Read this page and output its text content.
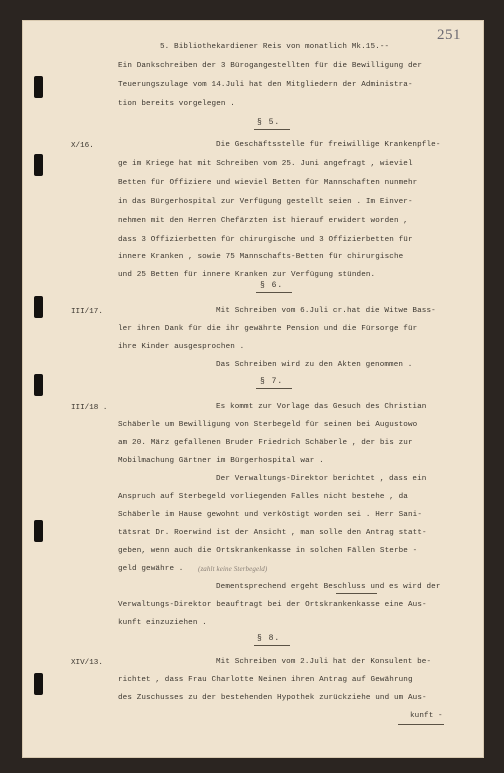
251
5. Bibliothekardiener Reis von monatlich Mk.15.--
Ein Dankschreiben der 3 Bürogangestellten für die Bewilligung der
Teuerungszulage vom 14.Juli hat den Mitgliedern der Administra-
tion bereits vorgelegen .
§ 5.
X/16.	Die Geschäftsstelle für freiwillige Krankenpfle-
ge im Kriege hat mit Schreiben vom 25. Juni angefragt , wieviel
Betten für Offiziere und wieviel Betten für Mannschaften nunmehr
in das Bürgerhospital zur Verfügung gestellt seien . Im Einver-
nehmen mit den Herren Chefärzten ist hierauf erwidert worden ,
dass 3 Offizierbetten für chirurgische und 3 Offizierbetten für
innere Kranken , sowie 75 Mannschafts-Betten für chirurgische
und 25 Betten für innere Kranken zur Verfügung stünden.
§ 6.
III/17.	Mit Schreiben vom 6.Juli cr.hat die Witwe Bass-
ler ihren Dank für die ihr gewährte Pension und die Fürsorge für
ihre Kinder ausgesprochen .
Das Schreiben wird zu den Akten genommen .
§ 7.
III/18 .	Es kommt zur Vorlage das Gesuch des Christian
Schäberle um Bewilligung von Sterbegeld für seinen bei Augustowo
am 20. März gefallenen Bruder Friedrich Schäberle , der bis zur
Mobilmachung Gärtner im Bürgerhospital war .
Der Verwaltungs-Direktor berichtet , dass ein
Anspruch auf Sterbegeld vorliegenden Falles nicht bestehe , da
Schäberle im Hause gewohnt und verköstigt worden sei . Herr Sani-
tätsrat Dr. Roerwind ist der Ansicht , man solle den Antrag statt-
geben, wenn auch die Ortskrankenkasse in solchen Fällen Sterbe -
geld gewähre . (zahlt keine Sterbegeld)
Dementsprechend ergeht Beschluss und es wird der
Verwaltungs-Direktor beauftragt bei der Ortskrankenkasse eine Aus-
kunft einzuziehen .
§ 8.
XIV/13.	Mit Schreiben vom 2.Juli hat der Konsulent be-
richtet , dass Frau Charlotte Neinen ihren Antrag auf Gewährung
des Zuschusses zu der bestehenden Hypothek zurückziehe und um Aus-
kunft -
